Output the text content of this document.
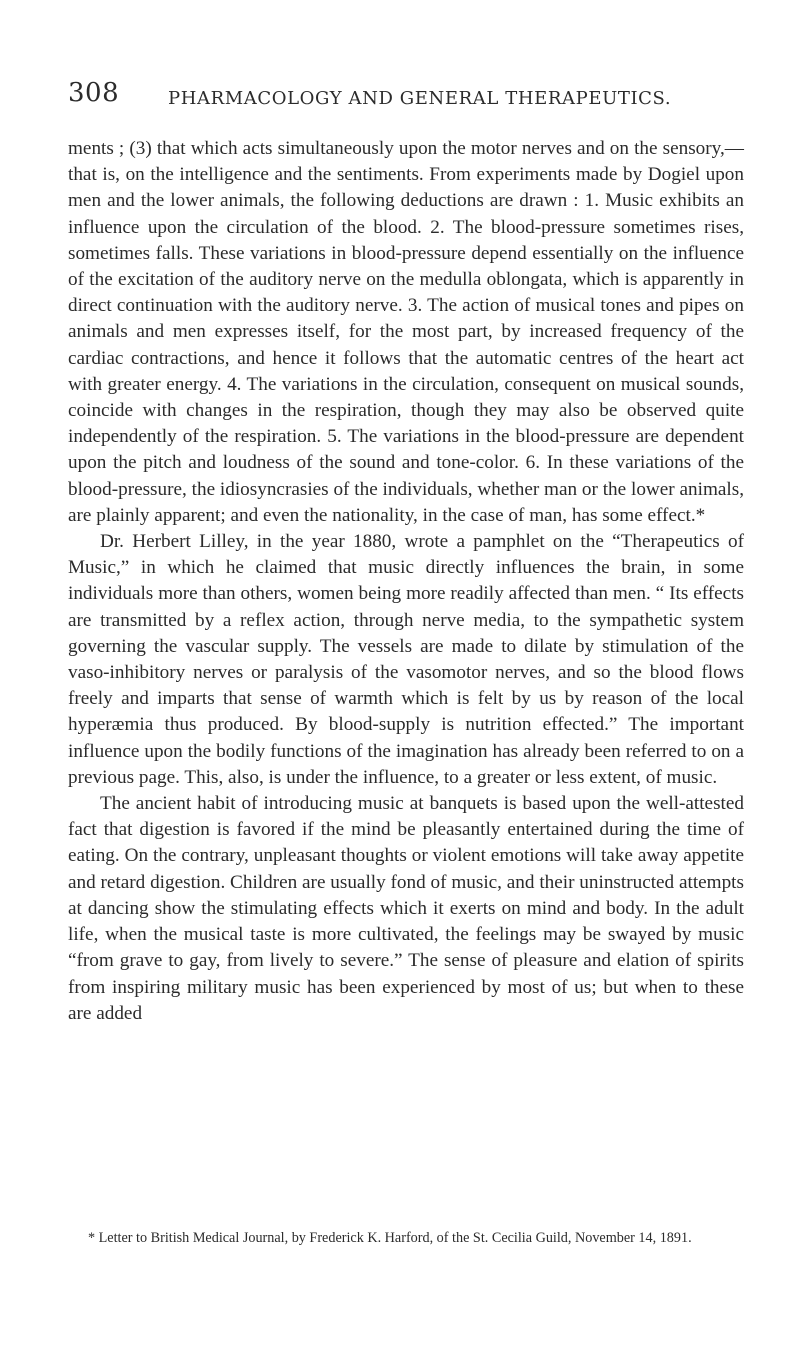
308	PHARMACOLOGY AND GENERAL THERAPEUTICS.

ments ; (3) that which acts simultaneously upon the motor nerves and on the sensory,—that is, on the intelligence and the sentiments. From experiments made by Dogiel upon men and the lower animals, the following deductions are drawn : 1. Music exhibits an influence upon the circulation of the blood. 2. The blood-pressure sometimes rises, sometimes falls. These variations in blood-pressure depend essentially on the influence of the excitation of the auditory nerve on the medulla oblongata, which is apparently in direct continuation with the auditory nerve. 3. The action of musical tones and pipes on animals and men expresses itself, for the most part, by increased frequency of the cardiac contractions, and hence it follows that the automatic centres of the heart act with greater energy. 4. The variations in the circulation, consequent on musical sounds, coincide with changes in the respiration, though they may also be observed quite independently of the respiration. 5. The variations in the blood-pressure are dependent upon the pitch and loudness of the sound and tone-color. 6. In these variations of the blood-pressure, the idiosyncrasies of the individuals, whether man or the lower animals, are plainly apparent; and even the nationality, in the case of man, has some effect.*

Dr. Herbert Lilley, in the year 1880, wrote a pamphlet on the “Therapeutics of Music,” in which he claimed that music directly influences the brain, in some individuals more than others, women being more readily affected than men. “ Its effects are transmitted by a reflex action, through nerve media, to the sympathetic system governing the vascular supply. The vessels are made to dilate by stimulation of the vaso-inhibitory nerves or paralysis of the vasomotor nerves, and so the blood flows freely and imparts that sense of warmth which is felt by us by reason of the local hyperæmia thus produced. By blood-supply is nutrition effected.” The important influence upon the bodily functions of the imagination has already been referred to on a previous page. This, also, is under the influence, to a greater or less extent, of music.

The ancient habit of introducing music at banquets is based upon the well-attested fact that digestion is favored if the mind be pleasantly entertained during the time of eating. On the contrary, unpleasant thoughts or violent emotions will take away appetite and retard digestion. Children are usually fond of music, and their uninstructed attempts at dancing show the stimulating effects which it exerts on mind and body. In the adult life, when the musical taste is more cultivated, the feelings may be swayed by music “from grave to gay, from lively to severe.” The sense of pleasure and elation of spirits from inspiring military music has been experienced by most of us; but when to these are added

* Letter to British Medical Journal, by Frederick K. Harford, of the St. Cecilia Guild, November 14, 1891.
